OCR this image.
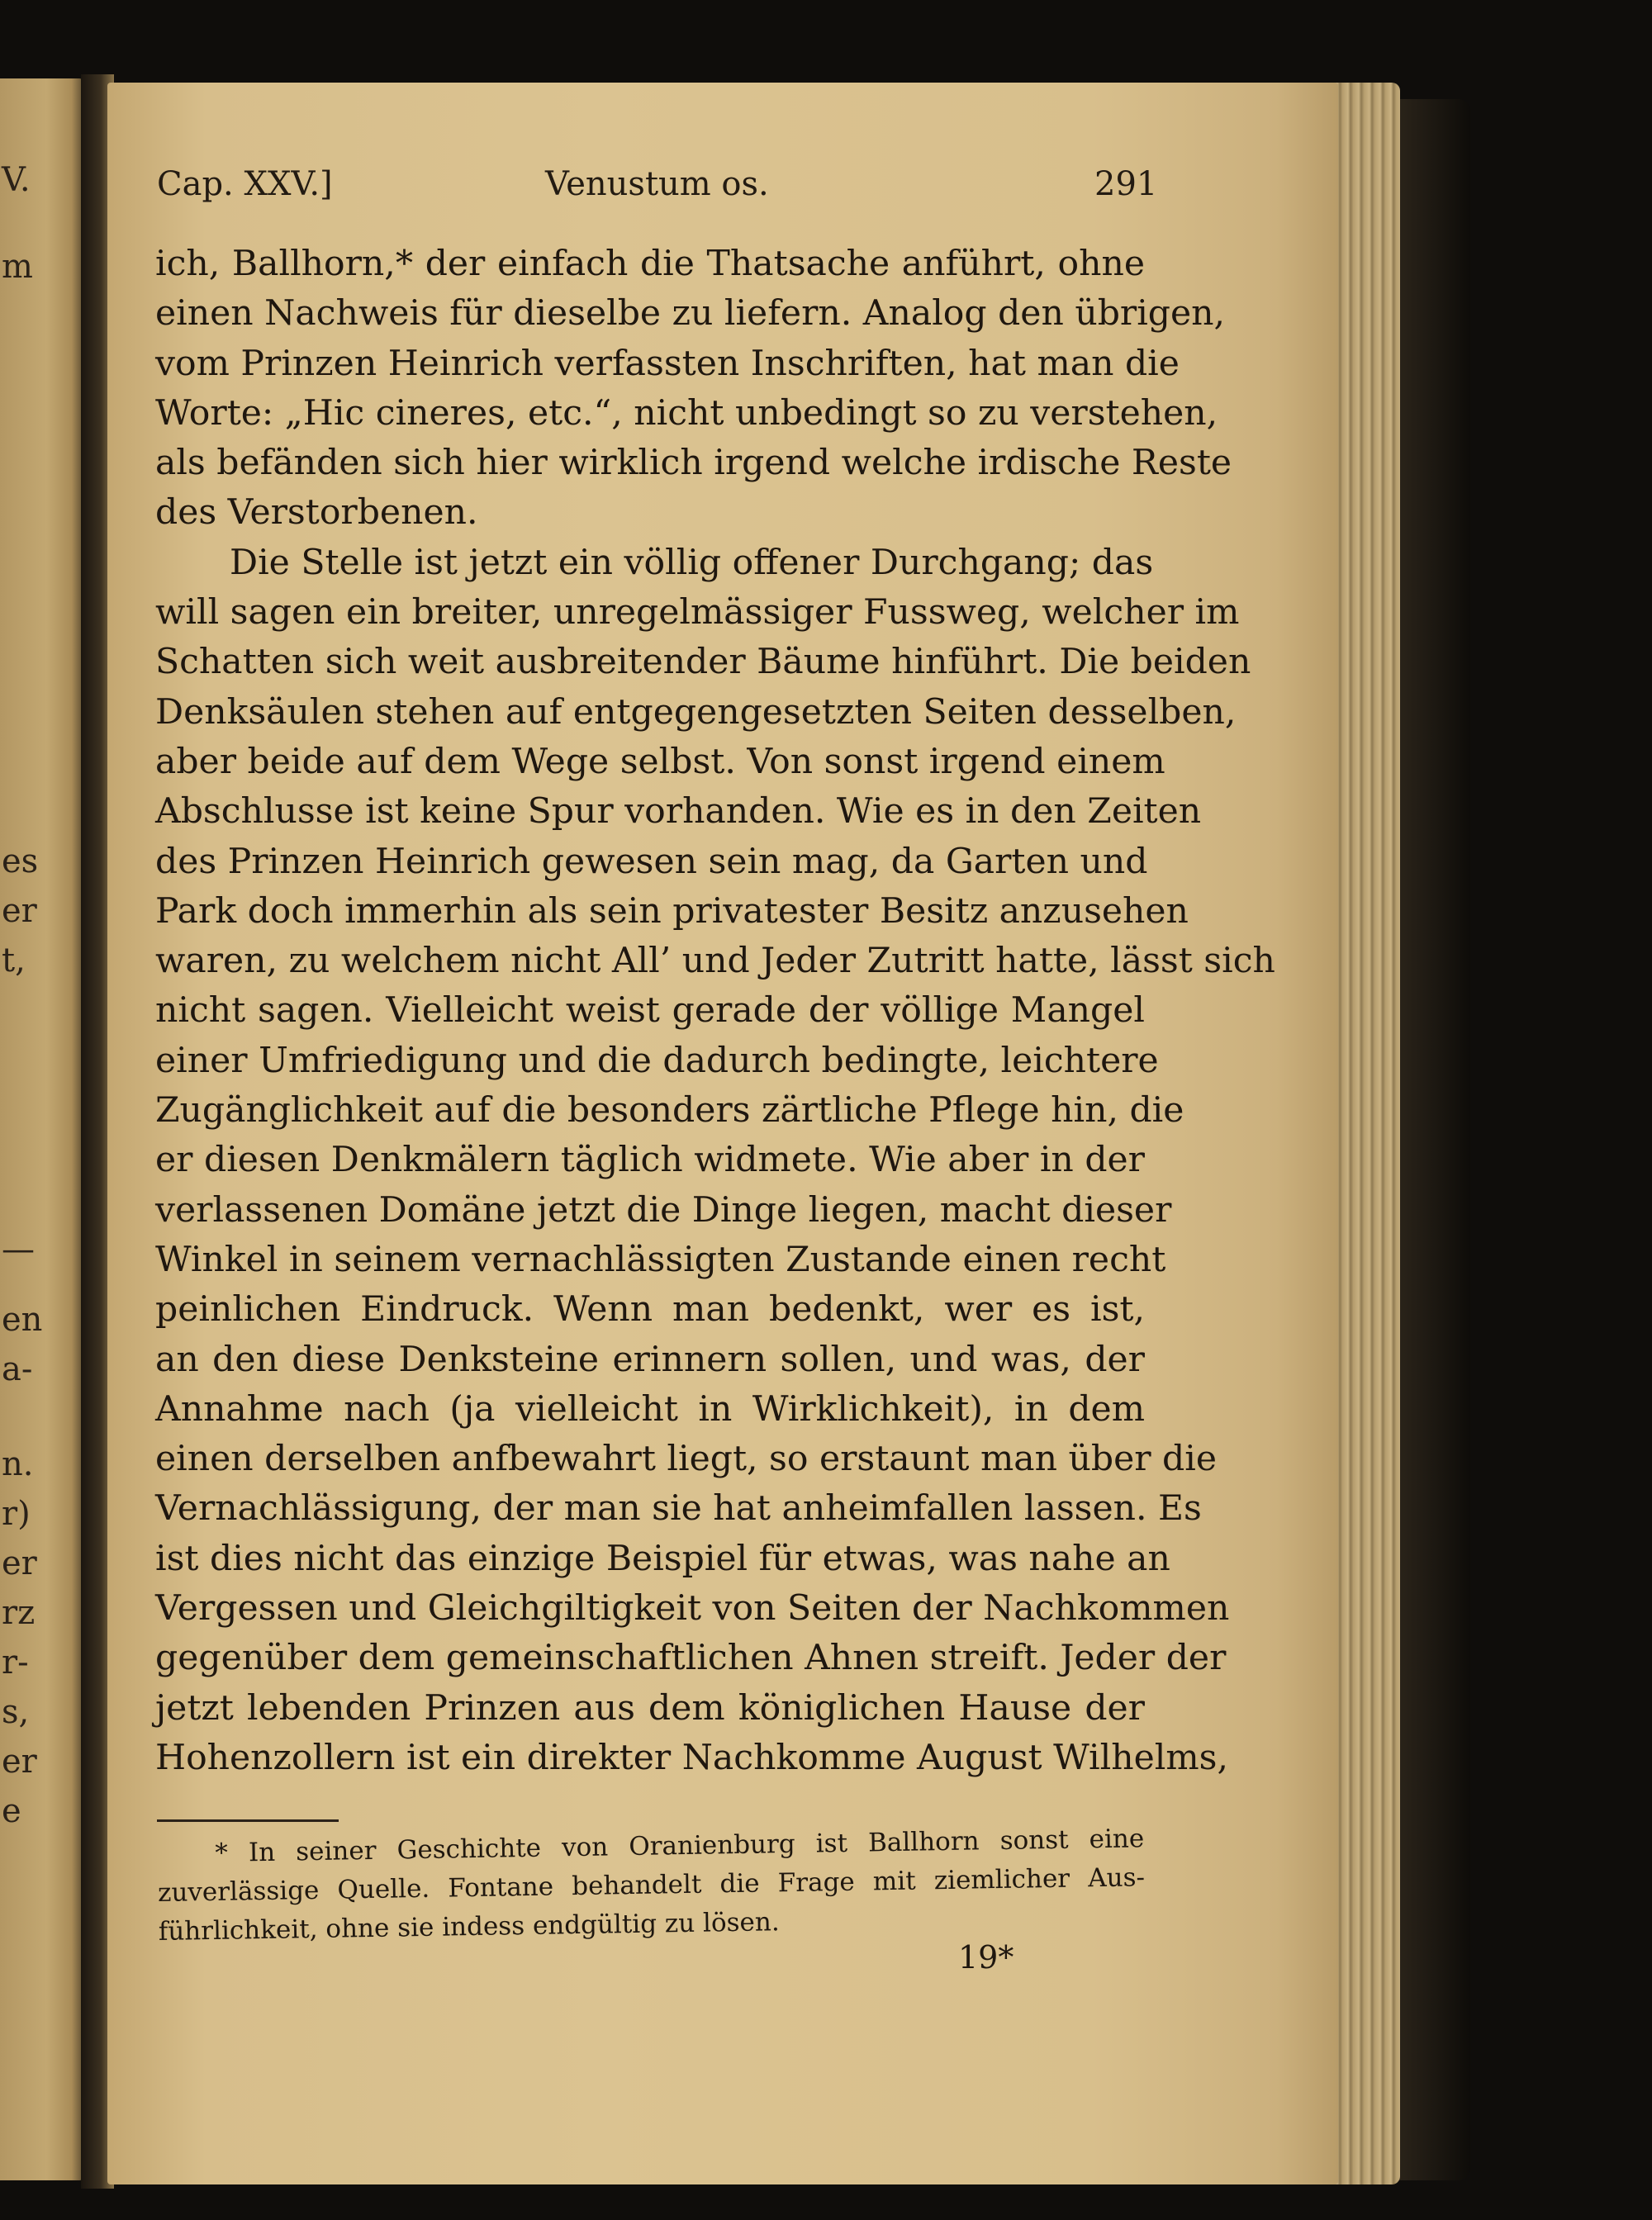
V.
m
es
er
t,
—
en
a-
n.
r)
er
rz
r-
s,
er
e
Cap. XXV.]	Venustum os.	291
ich, Ballhorn,* der einfach die Thatsache anführt, ohne
einen Nachweis für dieselbe zu liefern. Analog den übrigen,
vom Prinzen Heinrich verfassten Inschriften, hat man die
Worte: „Hic cineres, etc.“, nicht unbedingt so zu verstehen,
als befänden sich hier wirklich irgend welche irdische Reste
des Verstorbenen.
Die Stelle ist jetzt ein völlig offener Durchgang; das
will sagen ein breiter, unregelmässiger Fussweg, welcher im
Schatten sich weit ausbreitender Bäume hinführt. Die beiden
Denksäulen stehen auf entgegengesetzten Seiten desselben,
aber beide auf dem Wege selbst. Von sonst irgend einem
Abschlusse ist keine Spur vorhanden. Wie es in den Zeiten
des Prinzen Heinrich gewesen sein mag, da Garten und
Park doch immerhin als sein privatester Besitz anzusehen
waren, zu welchem nicht All’ und Jeder Zutritt hatte, lässt sich
nicht sagen. Vielleicht weist gerade der völlige Mangel
einer Umfriedigung und die dadurch bedingte, leichtere
Zugänglichkeit auf die besonders zärtliche Pflege hin, die
er diesen Denkmälern täglich widmete. Wie aber in der
verlassenen Domäne jetzt die Dinge liegen, macht dieser
Winkel in seinem vernachlässigten Zustande einen recht
peinlichen Eindruck. Wenn man bedenkt, wer es ist,
an den diese Denksteine erinnern sollen, und was, der
Annahme nach (ja vielleicht in Wirklichkeit), in dem
einen derselben anfbewahrt liegt, so erstaunt man über die
Vernachlässigung, der man sie hat anheimfallen lassen. Es
ist dies nicht das einzige Beispiel für etwas, was nahe an
Vergessen und Gleichgiltigkeit von Seiten der Nachkommen
gegenüber dem gemeinschaftlichen Ahnen streift. Jeder der
jetzt lebenden Prinzen aus dem königlichen Hause der
Hohenzollern ist ein direkter Nachkomme August Wilhelms,
* In seiner Geschichte von Oranienburg ist Ballhorn sonst eine
zuverlässige Quelle. Fontane behandelt die Frage mit ziemlicher Aus-
führlichkeit, ohne sie indess endgültig zu lösen.
19*
